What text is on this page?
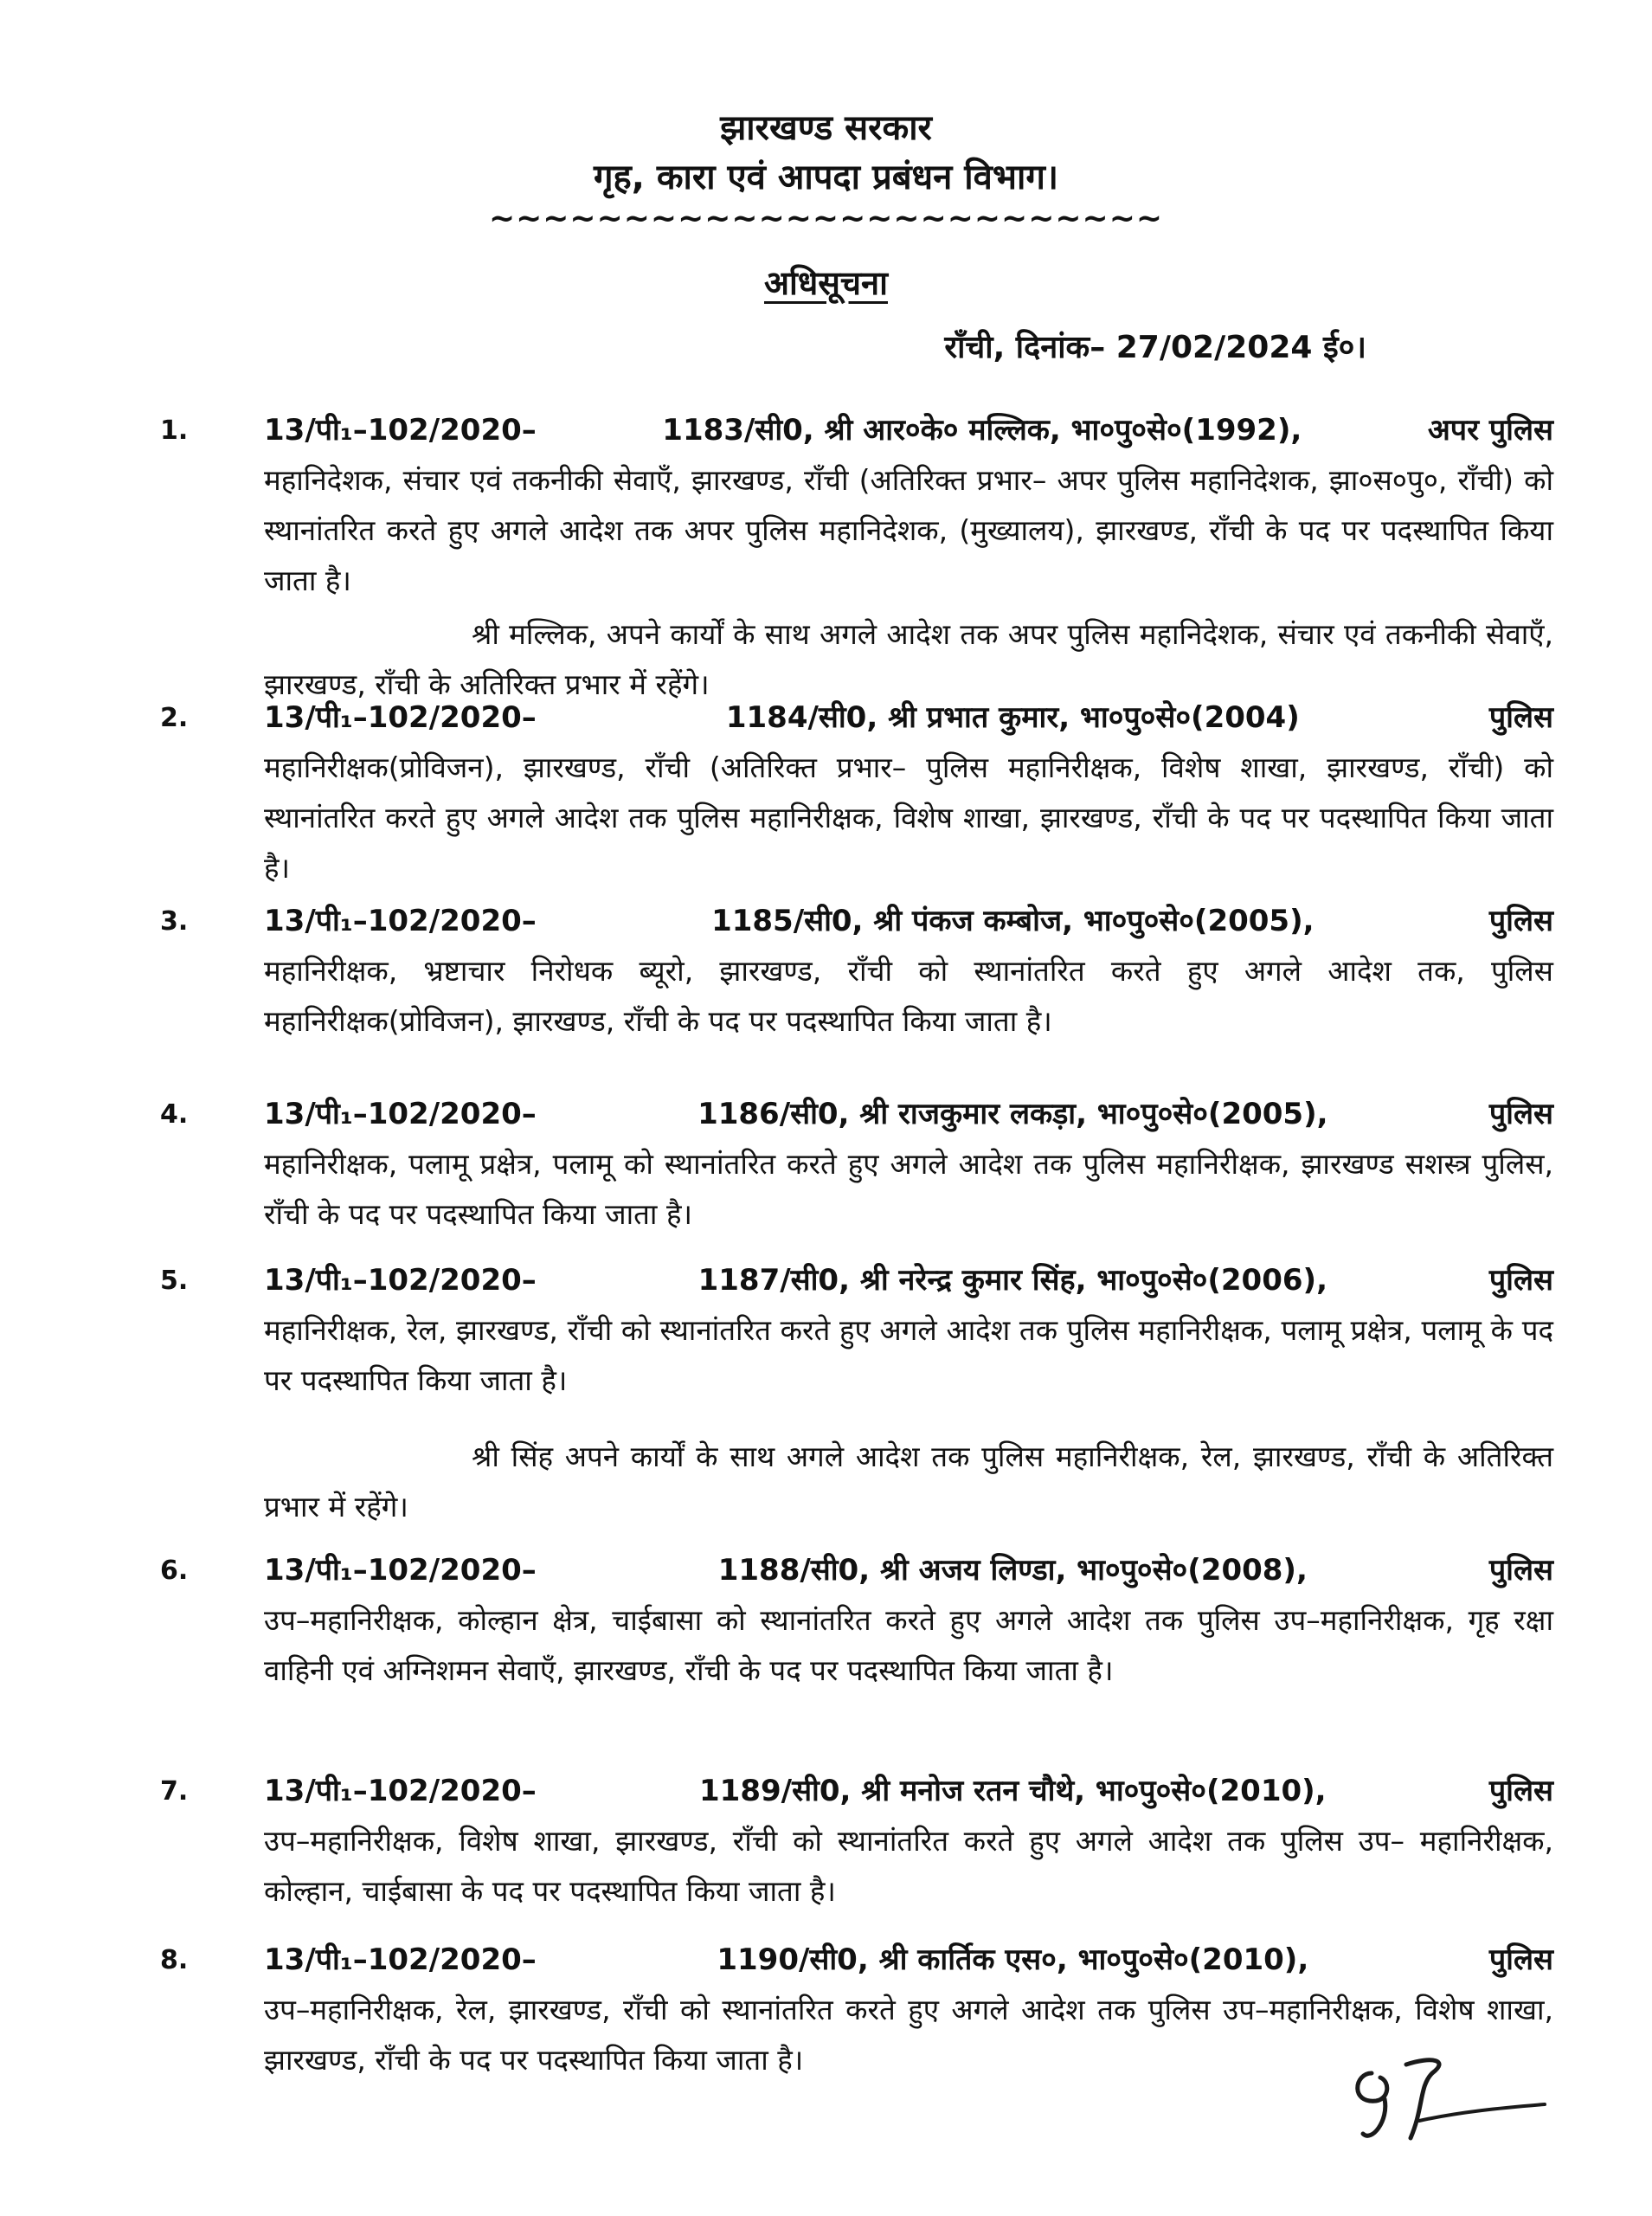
झारखण्ड सरकार
गृह, कारा एवं आपदा प्रबंधन विभाग।
~~~~~~~~~~~~~~~~~~~~~~~~~
अधिसूचना
राँची, दिनांक– 27/02/2024 ई०।
1.	13/पी₁–102/2020–	1183/सी0, श्री आर०के० मल्लिक, भा०पु०से०(1992),	अपर पुलिस
महानिदेशक, संचार एवं तकनीकी सेवाएँ, झारखण्ड, राँची (अतिरिक्त प्रभार– अपर पुलिस महानिदेशक, झा०स०पु०, राँची) को स्थानांतरित करते हुए अगले आदेश तक अपर पुलिस महानिदेशक, (मुख्यालय), झारखण्ड, राँची के पद पर पदस्थापित किया जाता है।
श्री मल्लिक, अपने कार्यों के साथ अगले आदेश तक अपर पुलिस महानिदेशक, संचार एवं तकनीकी सेवाएँ, झारखण्ड, राँची के अतिरिक्त प्रभार में रहेंगे।
2.	13/पी₁–102/2020–	1184/सी0, श्री प्रभात कुमार, भा०पु०से०(2004)	पुलिस
महानिरीक्षक(प्रोविजन), झारखण्ड, राँची (अतिरिक्त प्रभार– पुलिस महानिरीक्षक, विशेष शाखा, झारखण्ड, राँची) को स्थानांतरित करते हुए अगले आदेश तक पुलिस महानिरीक्षक, विशेष शाखा, झारखण्ड, राँची के पद पर पदस्थापित किया जाता है।
3.	13/पी₁–102/2020–	1185/सी0, श्री पंकज कम्बोज, भा०पु०से०(2005),	पुलिस
महानिरीक्षक, भ्रष्टाचार निरोधक ब्यूरो, झारखण्ड, राँची को स्थानांतरित करते हुए अगले आदेश तक, पुलिस महानिरीक्षक(प्रोविजन), झारखण्ड, राँची के पद पर पदस्थापित किया जाता है।
4.	13/पी₁–102/2020–	1186/सी0, श्री राजकुमार लकड़ा, भा०पु०से०(2005),	पुलिस
महानिरीक्षक, पलामू प्रक्षेत्र, पलामू को स्थानांतरित करते हुए अगले आदेश तक पुलिस महानिरीक्षक, झारखण्ड सशस्त्र पुलिस, राँची के पद पर पदस्थापित किया जाता है।
5.	13/पी₁–102/2020–	1187/सी0, श्री नरेन्द्र कुमार सिंह, भा०पु०से०(2006),	पुलिस
महानिरीक्षक, रेल, झारखण्ड, राँची को स्थानांतरित करते हुए अगले आदेश तक पुलिस महानिरीक्षक, पलामू प्रक्षेत्र, पलामू के पद पर पदस्थापित किया जाता है।
श्री सिंह अपने कार्यों के साथ अगले आदेश तक पुलिस महानिरीक्षक, रेल, झारखण्ड, राँची के अतिरिक्त प्रभार में रहेंगे।
6.	13/पी₁–102/2020–	1188/सी0, श्री अजय लिण्डा, भा०पु०से०(2008),	पुलिस
उप–महानिरीक्षक, कोल्हान क्षेत्र, चाईबासा को स्थानांतरित करते हुए अगले आदेश तक पुलिस उप–महानिरीक्षक, गृह रक्षा वाहिनी एवं अग्निशमन सेवाएँ, झारखण्ड, राँची के पद पर पदस्थापित किया जाता है।
7.	13/पी₁–102/2020–	1189/सी0, श्री मनोज रतन चौथे, भा०पु०से०(2010),	पुलिस
उप–महानिरीक्षक, विशेष शाखा, झारखण्ड, राँची को स्थानांतरित करते हुए अगले आदेश तक पुलिस उप– महानिरीक्षक, कोल्हान, चाईबासा के पद पर पदस्थापित किया जाता है।
8.	13/पी₁–102/2020–	1190/सी0, श्री कार्तिक एस०, भा०पु०से०(2010),	पुलिस
उप–महानिरीक्षक, रेल, झारखण्ड, राँची को स्थानांतरित करते हुए अगले आदेश तक पुलिस उप–महानिरीक्षक, विशेष शाखा, झारखण्ड, राँची के पद पर पदस्थापित किया जाता है।
